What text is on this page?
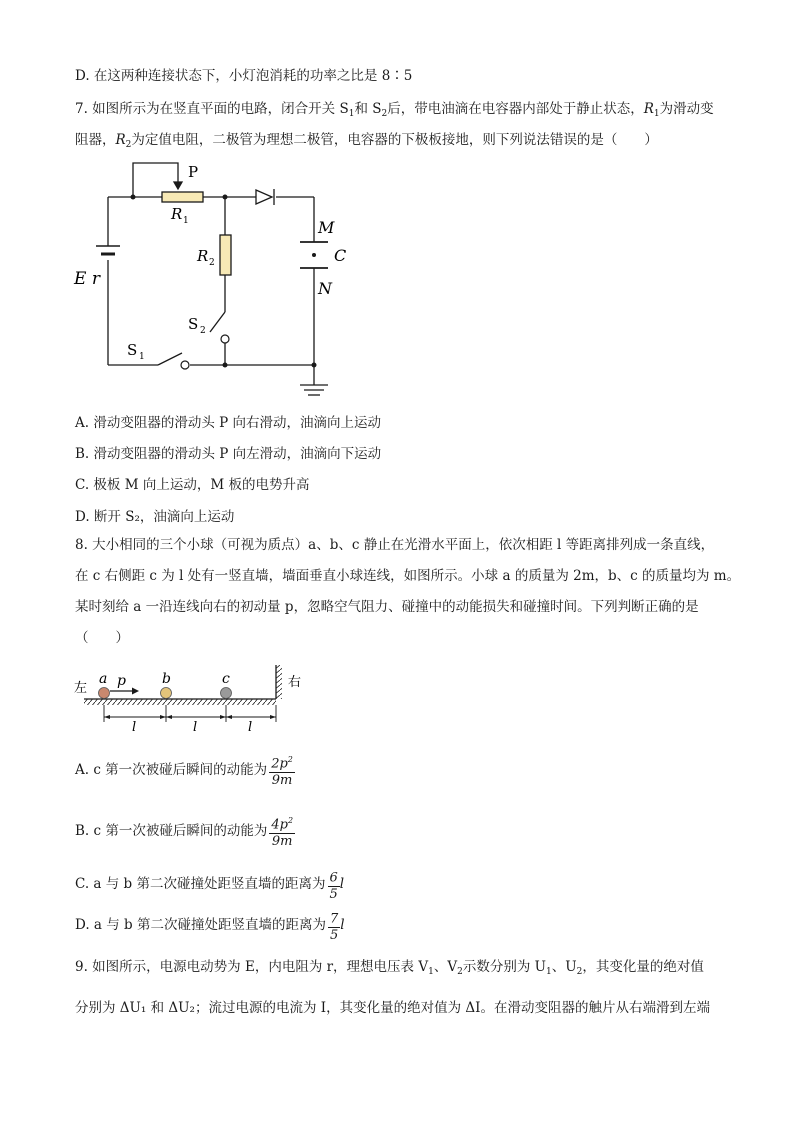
D. 在这两种连接状态下，小灯泡消耗的功率之比是 8∶5
7. 如图所示为在竖直平面的电路，闭合开关 $S_1$和 $S_2$后，带电油滴在电容器内部处于静止状态，$R_1$为滑动变
阻器，$R_2$为定值电阻，二极管为理想二极管，电容器的下极板接地，则下列说法错误的是（　　）
P
R 1
R 2
M
C
N
E r
S 1
S 2
A. 滑动变阻器的滑动头 P 向右滑动，油滴向上运动
B. 滑动变阻器的滑动头 P 向左滑动，油滴向下运动
C. 极板 M 向上运动，M 板的电势升高
D. 断开 S₂，油滴向上运动
8. 大小相同的三个小球（可视为质点）a、b、c 静止在光滑水平面上，依次相距 l 等距离排列成一条直线，
在 c 右侧距 c 为 l 处有一竖直墙，墙面垂直小球连线，如图所示。小球 a 的质量为 2m，b、c 的质量均为 m。
某时刻给 a 一沿连线向右的初动量 p，忽略空气阻力、碰撞中的动能损失和碰撞时间。下列判断正确的是
（　　）
左	右
a p	b	c
l	l	l
A. c 第一次被碰后瞬间的动能为 $\frac{2p^2}{9m}$
B. c 第一次被碰后瞬间的动能为 $\frac{4p^2}{9m}$
C. a 与 b 第二次碰撞处距竖直墙的距离为 $\frac{6}{5}$ l
D. a 与 b 第二次碰撞处距竖直墙的距离为 $\frac{7}{5}$ l
9. 如图所示，电源电动势为 E，内电阻为 r，理想电压表 $V_1$、$V_2$示数分别为 $U_1$、$U_2$，其变化量的绝对值
分别为 ΔU₁ 和 ΔU₂；流过电源的电流为 I，其变化量的绝对值为 ΔI。在滑动变阻器的触片从右端滑到左端
